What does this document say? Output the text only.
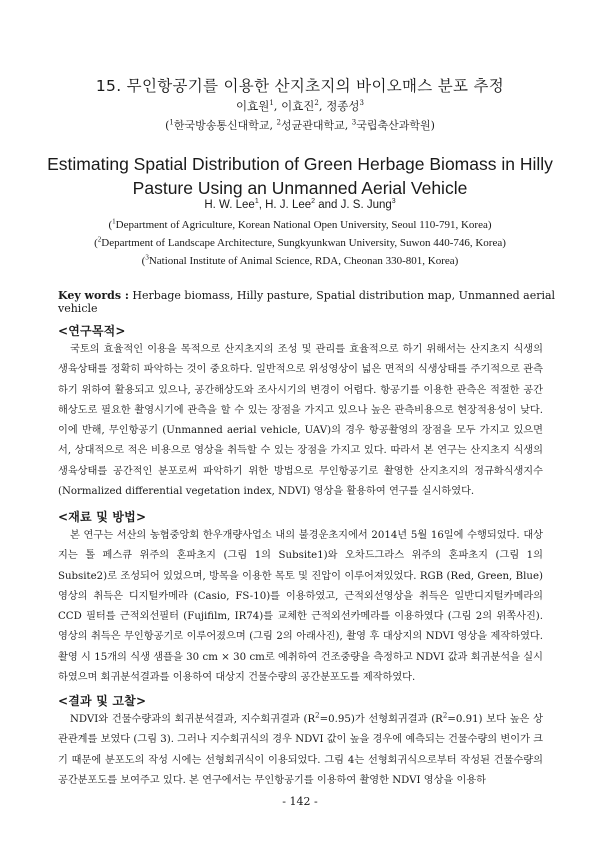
15. 무인항공기를 이용한 산지초지의 바이오매스 분포 추정
이효원$^1$, 이효진$^2$, 정종성$^3$
($^1$한국방송통신대학교, $^2$성균관대학교, $^3$국립축산과학원)
Estimating Spatial Distribution of Green Herbage Biomass in Hilly Pasture Using an Unmanned Aerial Vehicle
H. W. Lee$^1$, H. J. Lee$^2$ and J. S. Jung$^3$
($^1$Department of Agriculture, Korean National Open University, Seoul 110-791, Korea)
($^2$Department of Landscape Architecture, Sungkyunkwan University, Suwon 440-746, Korea)
($^3$National Institute of Animal Science, RDA, Cheonan 330-801, Korea)
Key words : Herbage biomass, Hilly pasture, Spatial distribution map, Unmanned aerial vehicle
<연구목적>
국토의 효율적인 이용을 목적으로 산지초지의 조성 및 관리를 효율적으로 하기 위해서는 산지초지 식생의 생육상태를 정확히 파악하는 것이 중요하다. 일반적으로 위성영상이 넓은 면적의 식생상태를 주기적으로 관측하기 위하여 활용되고 있으나, 공간해상도와 조사시기의 변경이 어렵다. 항공기를 이용한 관측은 적절한 공간해상도로 필요한 촬영시기에 관측을 할 수 있는 장점을 가지고 있으나 높은 관측비용으로 현장적용성이 낮다. 이에 반해, 무인항공기 (Unmanned aerial vehicle, UAV)의 경우 항공촬영의 장점을 모두 가지고 있으면서, 상대적으로 적은 비용으로 영상을 취득할 수 있는 장점을 가지고 있다. 따라서 본 연구는 산지초지 식생의 생육상태를 공간적인 분포로써 파악하기 위한 방법으로 무인항공기로 촬영한 산지초지의 정규화식생지수(Normalized differential vegetation index, NDVI) 영상을 활용하여 연구를 실시하였다.
<재료 및 방법>
본 연구는 서산의 농협중앙회 한우개량사업소 내의 불경운초지에서 2014년 5월 16일에 수행되었다. 대상지는 톨 페스큐 위주의 혼파초지 (그림 1의 Subsite1)와 오차드그라스 위주의 혼파초지 (그림 1의 Subsite2)로 조성되어 있었으며, 방목을 이용한 목토 및 진압이 이루어져있었다. RGB (Red, Green, Blue)영상의 취득은 디지털카메라 (Casio, FS-10)를 이용하였고, 근적외선영상을 취득은 일반디지털카메라의 CCD 필터를 근적외선필터 (Fujifilm, IR74)를 교체한 근적외선카메라를 이용하였다 (그림 2의 위쪽사진). 영상의 취득은 무인항공기로 이루어졌으며 (그림 2의 아래사진), 촬영 후 대상지의 NDVI 영상을 제작하였다. 촬영 시 15개의 식생 샘플을 30 cm × 30 cm로 예취하여 건조중량을 측정하고 NDVI 값과 회귀분석을 실시하였으며 회귀분석결과를 이용하여 대상지 건물수량의 공간분포도를 제작하였다.
<결과 및 고찰>
NDVI와 건물수량과의 회귀분석결과, 지수회귀결과 $(R^2=0.95)$가 선형회귀결과 $(R^2=0.91)$ 보다 높은 상관관계를 보였다 (그림 3). 그러나 지수회귀식의 경우 NDVI 값이 높을 경우에 예측되는 건물수량의 변이가 크기 때문에 분포도의 작성 시에는 선형회귀식이 이용되었다. 그림 4는 선형회귀식으로부터 작성된 건물수량의 공간분포도를 보여주고 있다. 본 연구에서는 무인항공기를 이용하여 촬영한 NDVI 영상을 이용하
- 142 -
